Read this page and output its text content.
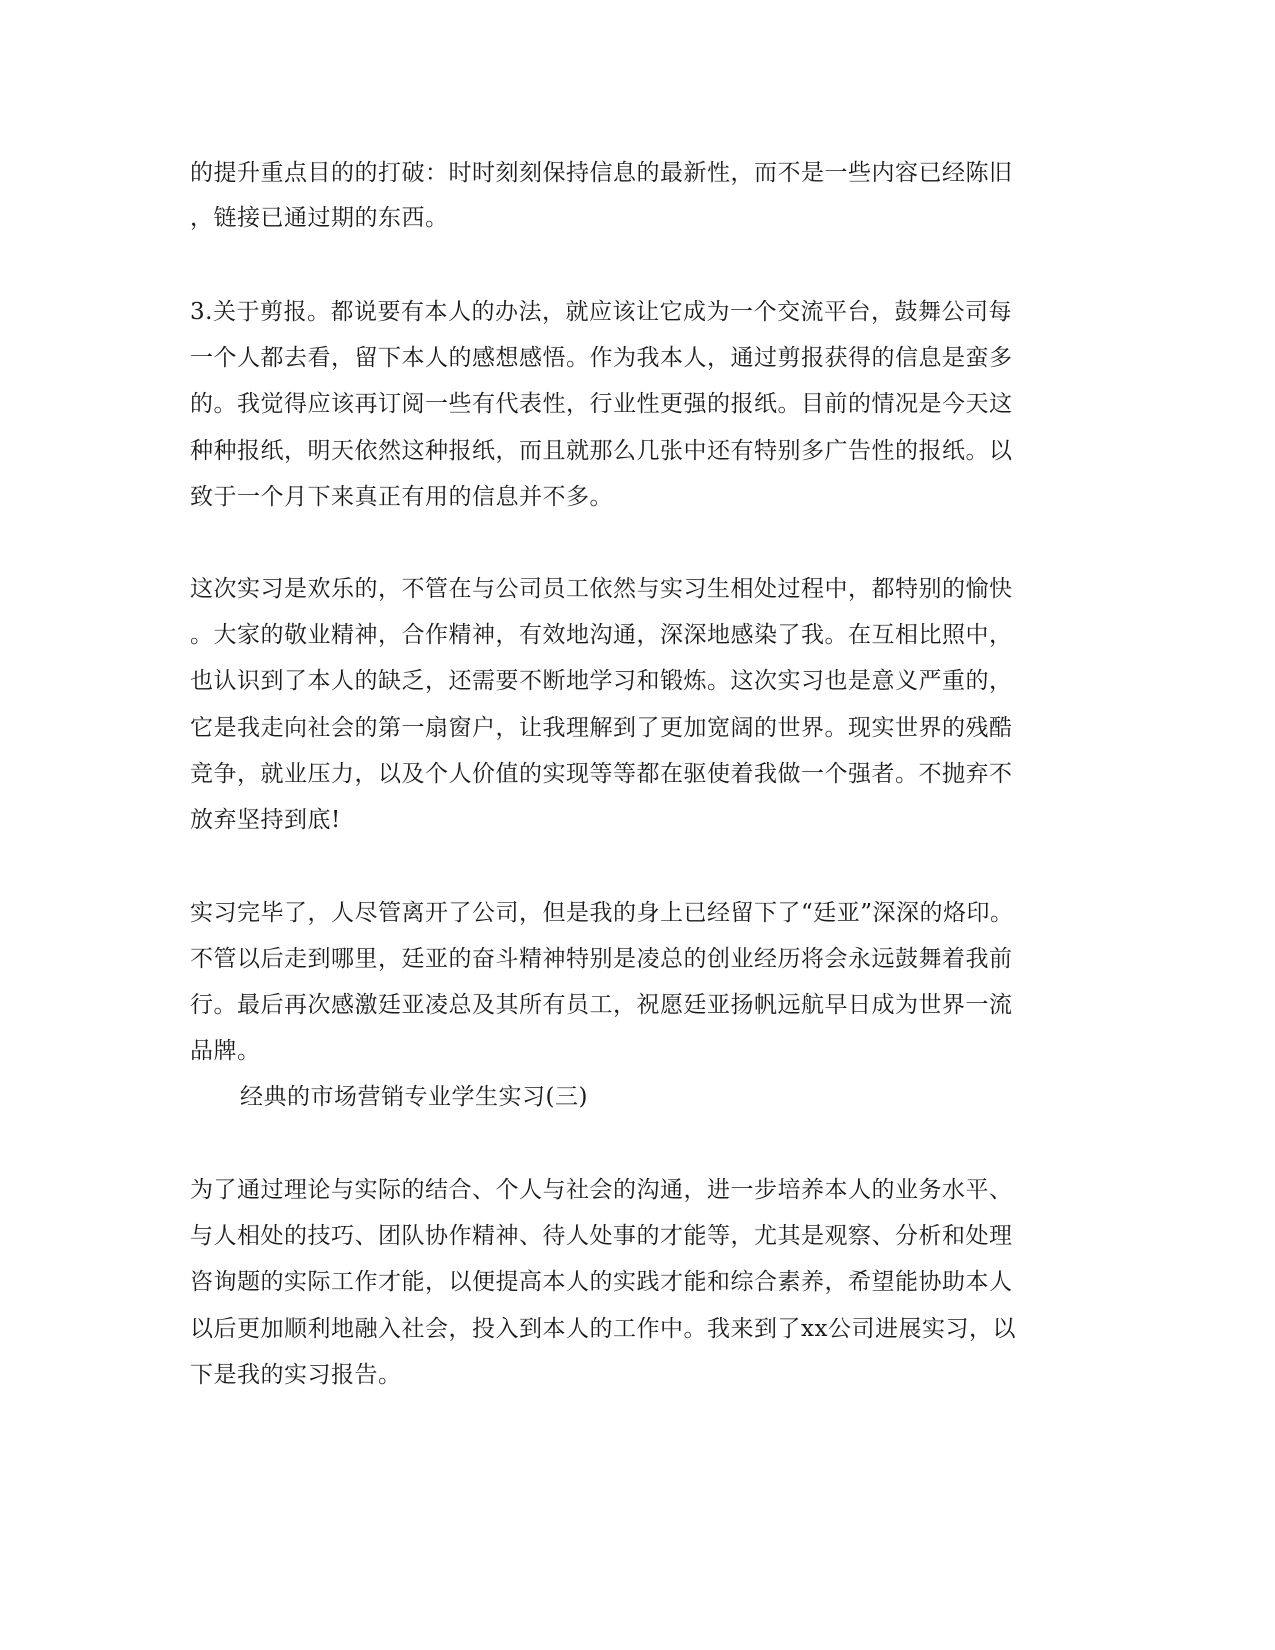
的提升重点目的的打破：时时刻刻保持信息的最新性，而不是一些内容已经陈旧
，链接已通过期的东西。
3.关于剪报。都说要有本人的办法，就应该让它成为一个交流平台，鼓舞公司每
一个人都去看，留下本人的感想感悟。作为我本人，通过剪报获得的信息是蛮多
的。我觉得应该再订阅一些有代表性，行业性更强的报纸。目前的情况是今天这
种种报纸，明天依然这种报纸，而且就那么几张中还有特别多广告性的报纸。以
致于一个月下来真正有用的信息并不多。
这次实习是欢乐的，不管在与公司员工依然与实习生相处过程中，都特别的愉快
。大家的敬业精神，合作精神，有效地沟通，深深地感染了我。在互相比照中，
也认识到了本人的缺乏，还需要不断地学习和锻炼。这次实习也是意义严重的，
它是我走向社会的第一扇窗户，让我理解到了更加宽阔的世界。现实世界的残酷
竞争，就业压力，以及个人价值的实现等等都在驱使着我做一个强者。不抛弃不
放弃坚持到底!
实习完毕了，人尽管离开了公司，但是我的身上已经留下了“廷亚”深深的烙印。
不管以后走到哪里，廷亚的奋斗精神特别是凌总的创业经历将会永远鼓舞着我前
行。最后再次感激廷亚凌总及其所有员工，祝愿廷亚扬帆远航早日成为世界一流
品牌。
经典的市场营销专业学生实习(三)
为了通过理论与实际的结合、个人与社会的沟通，进一步培养本人的业务水平、
与人相处的技巧、团队协作精神、待人处事的才能等，尤其是观察、分析和处理
咨询题的实际工作才能，以便提高本人的实践才能和综合素养，希望能协助本人
以后更加顺利地融入社会，投入到本人的工作中。我来到了xx公司进展实习，以
下是我的实习报告。
